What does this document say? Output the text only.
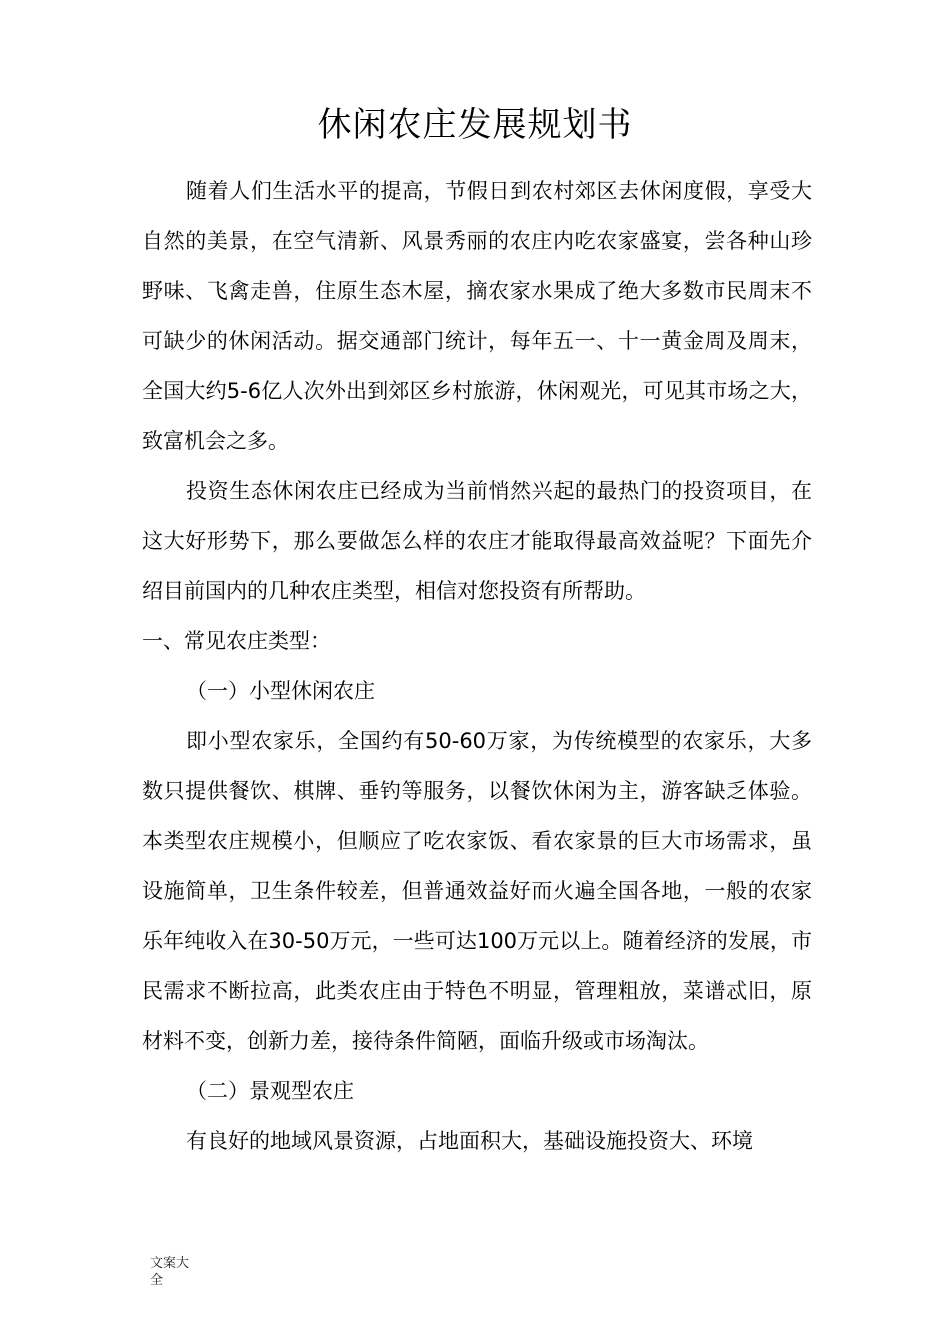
休闲农庄发展规划书

随着人们生活水平的提高，节假日到农村郊区去休闲度假，享受大自然的美景，在空气清新、风景秀丽的农庄内吃农家盛宴，尝各种山珍野味、飞禽走兽，住原生态木屋，摘农家水果成了绝大多数市民周末不可缺少的休闲活动。据交通部门统计，每年五一、十一黄金周及周末，全国大约5-6亿人次外出到郊区乡村旅游，休闲观光，可见其市场之大，致富机会之多。

投资生态休闲农庄已经成为当前悄然兴起的最热门的投资项目，在这大好形势下，那么要做怎么样的农庄才能取得最高效益呢？下面先介绍目前国内的几种农庄类型，相信对您投资有所帮助。

一、常见农庄类型：

（一）小型休闲农庄

即小型农家乐，全国约有50-60万家，为传统模型的农家乐，大多数只提供餐饮、棋牌、垂钓等服务，以餐饮休闲为主，游客缺乏体验。本类型农庄规模小，但顺应了吃农家饭、看农家景的巨大市场需求，虽设施简单，卫生条件较差，但普通效益好而火遍全国各地，一般的农家乐年纯收入在30-50万元，一些可达100万元以上。随着经济的发展，市民需求不断拉高，此类农庄由于特色不明显，管理粗放，菜谱忒旧，原材料不变，创新力差，接待条件简陋，面临升级或市场淘汰。

（二）景观型农庄

有良好的地域风景资源，占地面积大，基础设施投资大、环境

文案大全
